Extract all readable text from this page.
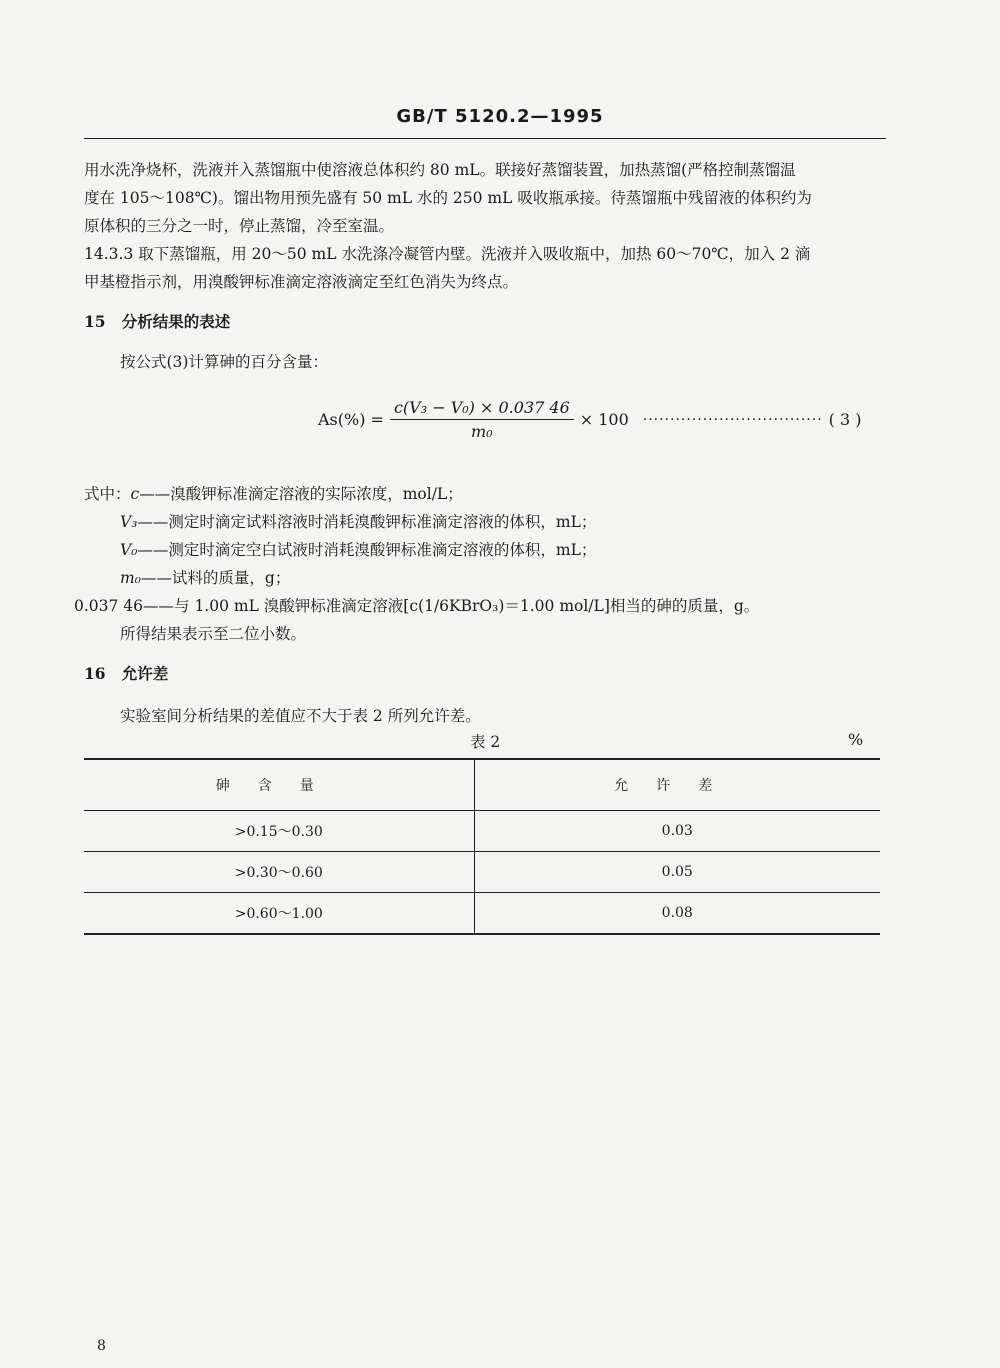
GB/T 5120.2—1995
用水洗净烧杯，洗液并入蒸馏瓶中使溶液总体积约 80 mL。联接好蒸馏装置，加热蒸馏(严格控制蒸馏温
度在 105～108℃)。馏出物用预先盛有 50 mL 水的 250 mL 吸收瓶承接。待蒸馏瓶中残留液的体积约为
原体积的三分之一时，停止蒸馏，冷至室温。
14.3.3 取下蒸馏瓶，用 20～50 mL 水洗涤冷凝管内壁。洗液并入吸收瓶中，加热 60～70℃，加入 2 滴
甲基橙指示剂，用溴酸钾标准滴定溶液滴定至红色消失为终点。
15 分析结果的表述
按公式(3)计算砷的百分含量：
$As(\%) = \frac{\text{c(V₃ − V₀) × 0.037 46}}{\text{m₀}} \times 100$ ································· ( 3 )
式中：c——溴酸钾标准滴定溶液的实际浓度，mol/L；
V₃——测定时滴定试料溶液时消耗溴酸钾标准滴定溶液的体积，mL；
V₀——测定时滴定空白试液时消耗溴酸钾标准滴定溶液的体积，mL；
m₀——试料的质量，g；
0.037 46——与 1.00 mL 溴酸钾标准滴定溶液[c(1/6KBrO₃)＝1.00 mol/L]相当的砷的质量，g。
所得结果表示至二位小数。
16 允许差
实验室间分析结果的差值应不大于表 2 所列允许差。
表 2	%
砷含量	允许差
>0.15～0.30	0.03
>0.30～0.60	0.05
>0.60～1.00	0.08
8
